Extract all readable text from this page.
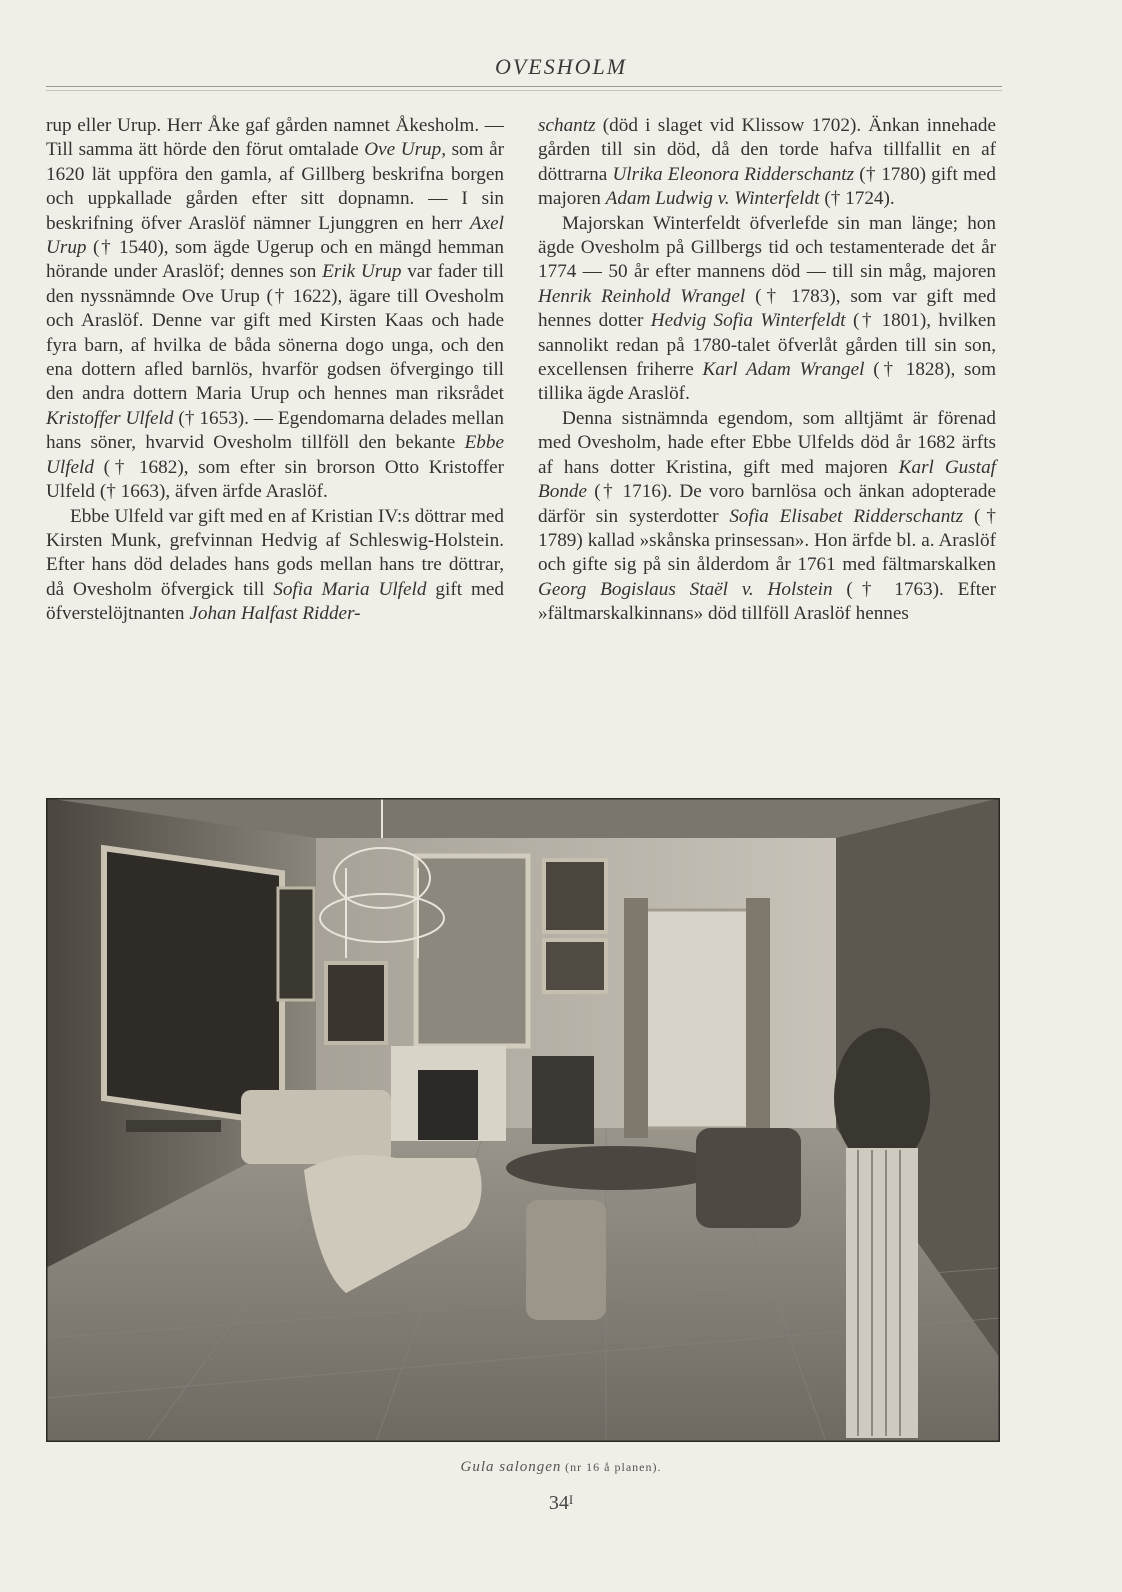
OVESHOLM

rup eller Urup. Herr Åke gaf gården namnet Åkesholm. — Till samma ätt hörde den förut omtalade Ove Urup, som år 1620 lät uppföra den gamla, af Gillberg beskrifna borgen och uppkallade gården efter sitt dopnamn. — I sin beskrifning öfver Araslöf nämner Ljunggren en herr Axel Urup († 1540), som ägde Ugerup och en mängd hemman hörande under Araslöf; dennes son Erik Urup var fader till den nyssnämnde Ove Urup († 1622), ägare till Ovesholm och Araslöf. Denne var gift med Kirsten Kaas och hade fyra barn, af hvilka de båda sönerna dogo unga, och den ena dottern afled barnlös, hvarför godsen öfvergingo till den andra dottern Maria Urup och hennes man riksrådet Kristoffer Ulfeld († 1653). — Egendomarna delades mellan hans söner, hvarvid Ovesholm tillföll den bekante Ebbe Ulfeld († 1682), som efter sin brorson Otto Kristoffer Ulfeld († 1663), äfven ärfde Araslöf.

Ebbe Ulfeld var gift med en af Kristian IV:s döttrar med Kirsten Munk, grefvinnan Hedvig af Schleswig-Holstein. Efter hans död delades hans gods mellan hans tre döttrar, då Ovesholm öfvergick till Sofia Maria Ulfeld gift med öfverstelöjtnanten Johan Halfast Ridder-

schantz (död i slaget vid Klissow 1702). Änkan innehade gården till sin död, då den torde hafva tillfallit en af döttrarna Ulrika Eleonora Ridderschantz († 1780) gift med majoren Adam Ludwig v. Winterfeldt († 1724).

Majorskan Winterfeldt öfverlefde sin man länge; hon ägde Ovesholm på Gillbergs tid och testamenterade det år 1774 — 50 år efter mannens död — till sin måg, majoren Henrik Reinhold Wrangel († 1783), som var gift med hennes dotter Hedvig Sofia Winterfeldt († 1801), hvilken sannolikt redan på 1780-talet öfverlåt gården till sin son, excellensen friherre Karl Adam Wrangel († 1828), som tillika ägde Araslöf.

Denna sistnämnda egendom, som alltjämt är förenad med Ovesholm, hade efter Ebbe Ulfelds död år 1682 ärfts af hans dotter Kristina, gift med majoren Karl Gustaf Bonde († 1716). De voro barnlösa och änkan adopterade därför sin systerdotter Sofia Elisabet Ridderschantz († 1789) kallad »skånska prinsessan». Hon ärfde bl. a. Araslöf och gifte sig på sin ålderdom år 1761 med fältmarskalken Georg Bogislaus Staël v. Holstein († 1763). Efter »fältmarskalkinnans» död tillföll Araslöf hennes

Gula salongen (nr 16 å planen).
$34^I$
